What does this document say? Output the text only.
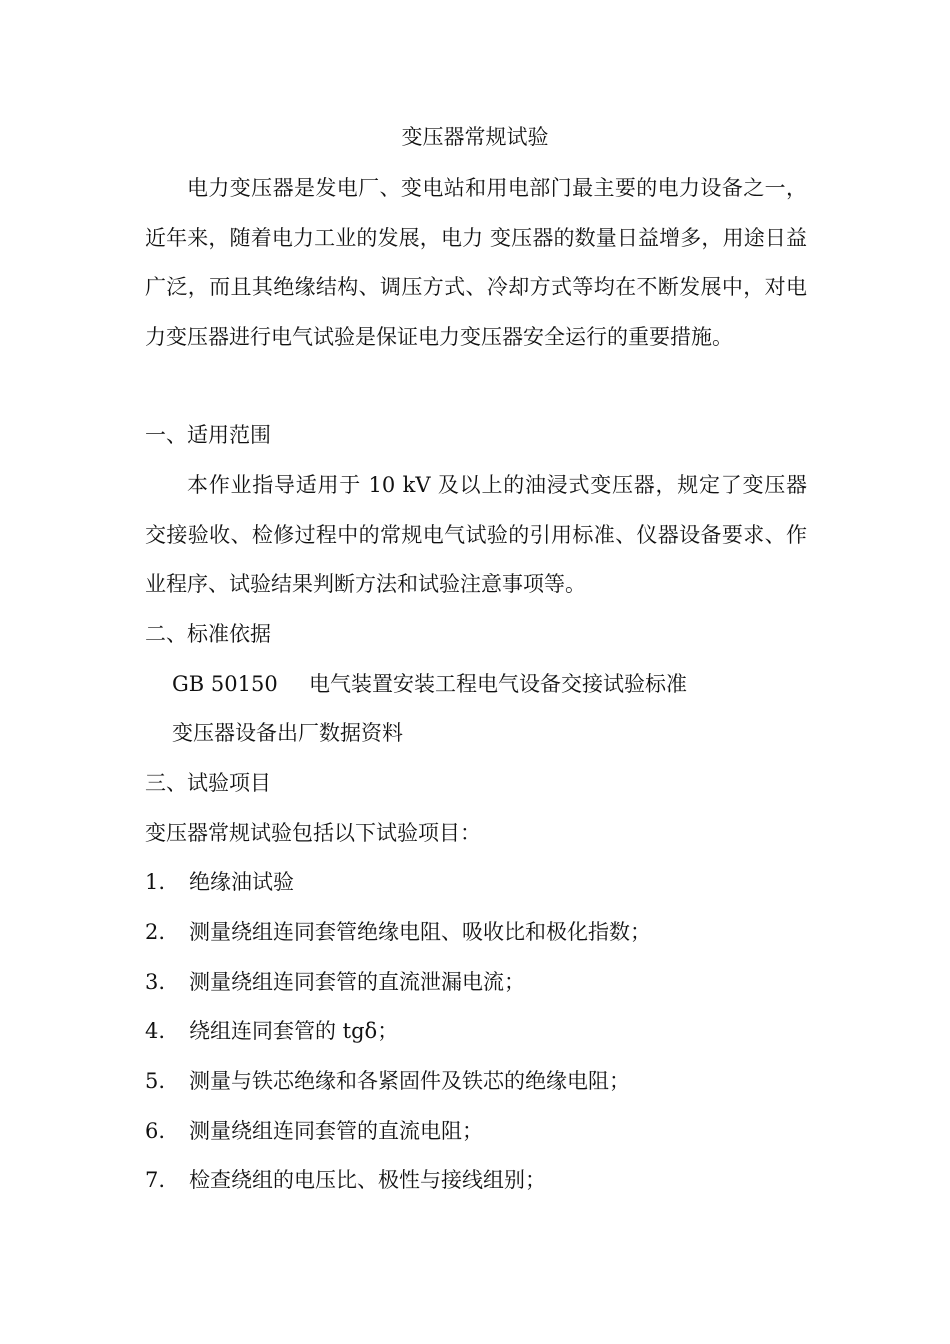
变压器常规试验

电力变压器是发电厂、变电站和用电部门最主要的电力设备之一，近年来，随着电力工业的发展，电力 变压器的数量日益增多，用途日益广泛，而且其绝缘结构、调压方式、冷却方式等均在不断发展中，对电力变压器进行电气试验是保证电力变压器安全运行的重要措施。

一、适用范围

本作业指导适用于 10 kV 及以上的油浸式变压器，规定了变压器交接验收、检修过程中的常规电气试验的引用标准、仪器设备要求、作业程序、试验结果判断方法和试验注意事项等。

二、标准依据
GB 50150 电气装置安装工程电气设备交接试验标准
变压器设备出厂数据资料
三、试验项目
变压器常规试验包括以下试验项目：
1. 绝缘油试验
2. 测量绕组连同套管绝缘电阻、吸收比和极化指数；
3. 测量绕组连同套管的直流泄漏电流；
4. 绕组连同套管的 tgδ；
5. 测量与铁芯绝缘和各紧固件及铁芯的绝缘电阻；
6. 测量绕组连同套管的直流电阻；
7. 检查绕组的电压比、极性与接线组别；
